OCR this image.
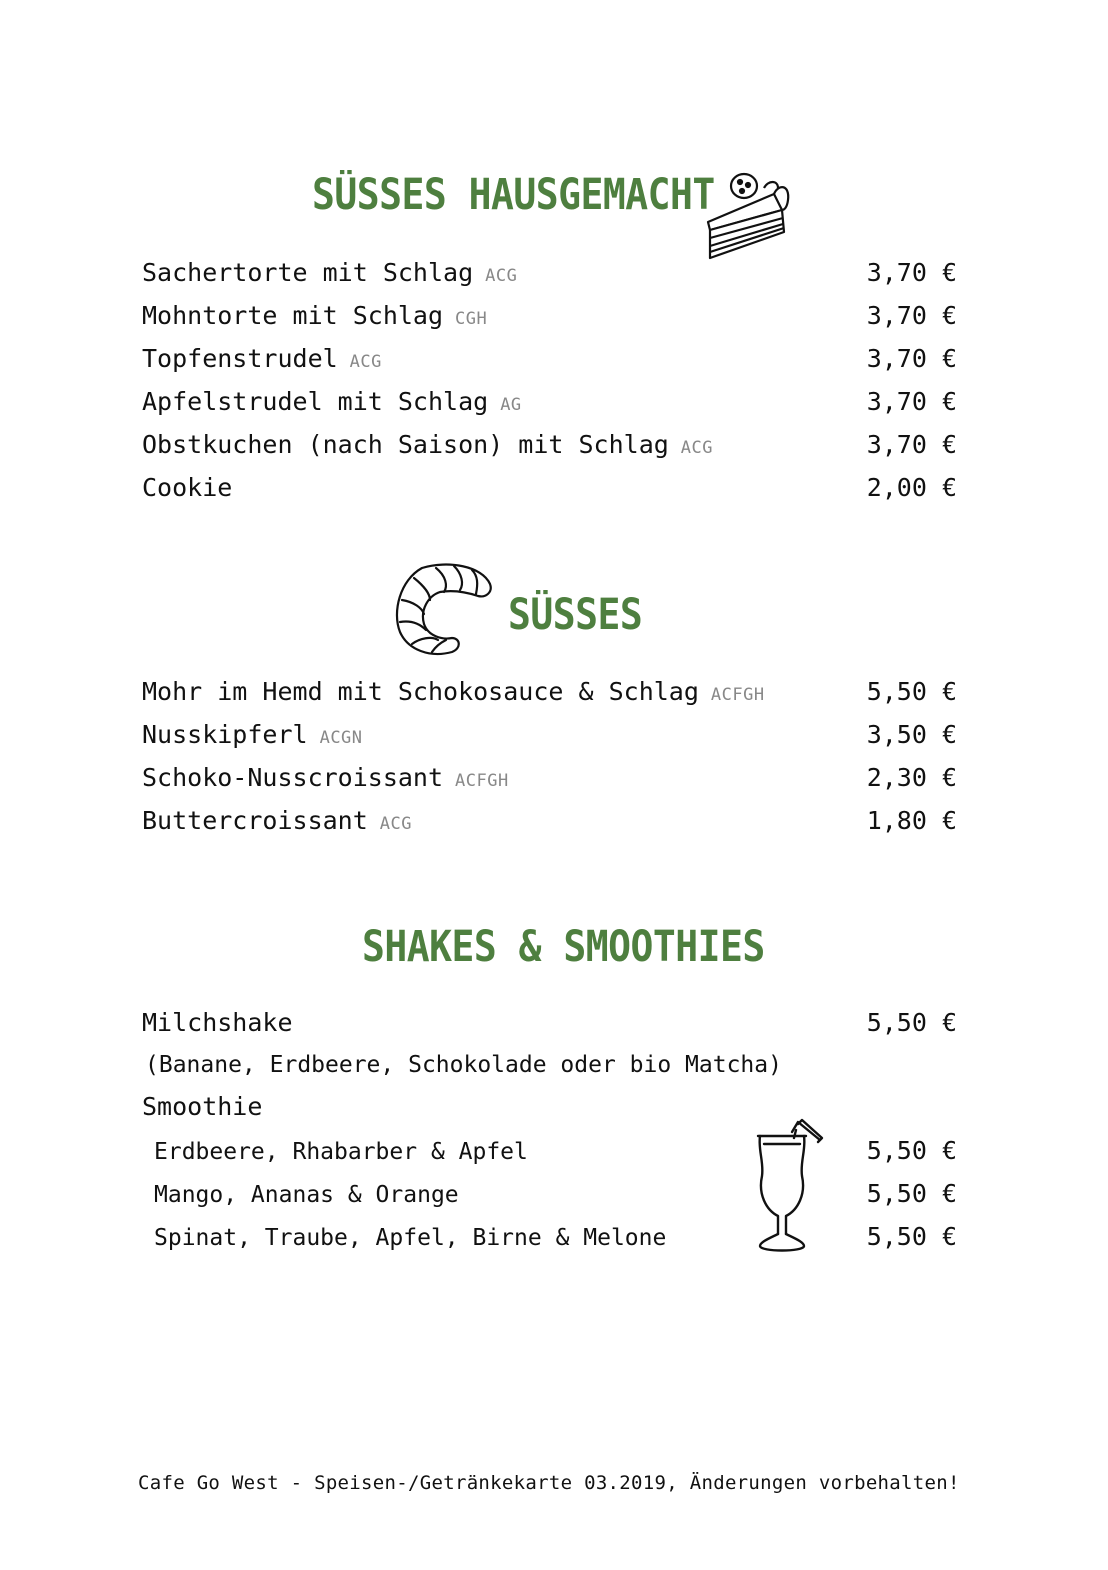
SÜSSES HAUSGEMACHT
Sachertorte mit Schlag ACG	3,70 €
Mohntorte mit Schlag CGH	3,70 €
Topfenstrudel ACG	3,70 €
Apfelstrudel mit Schlag AG	3,70 €
Obstkuchen (nach Saison) mit Schlag ACG	3,70 €
Cookie	2,00 €
SÜSSES
Mohr im Hemd mit Schokosauce & Schlag ACFGH	5,50 €
Nusskipferl ACGN	3,50 €
Schoko-Nusscroissant ACFGH	2,30 €
Buttercroissant ACG	1,80 €
SHAKES & SMOOTHIES
Milchshake	5,50 €
(Banane, Erdbeere, Schokolade oder bio Matcha)
Smoothie
Erdbeere, Rhabarber & Apfel	5,50 €
Mango, Ananas & Orange	5,50 €
Spinat, Traube, Apfel, Birne & Melone	5,50 €
Cafe Go West - Speisen-/Getränkekarte 03.2019, Änderungen vorbehalten!
